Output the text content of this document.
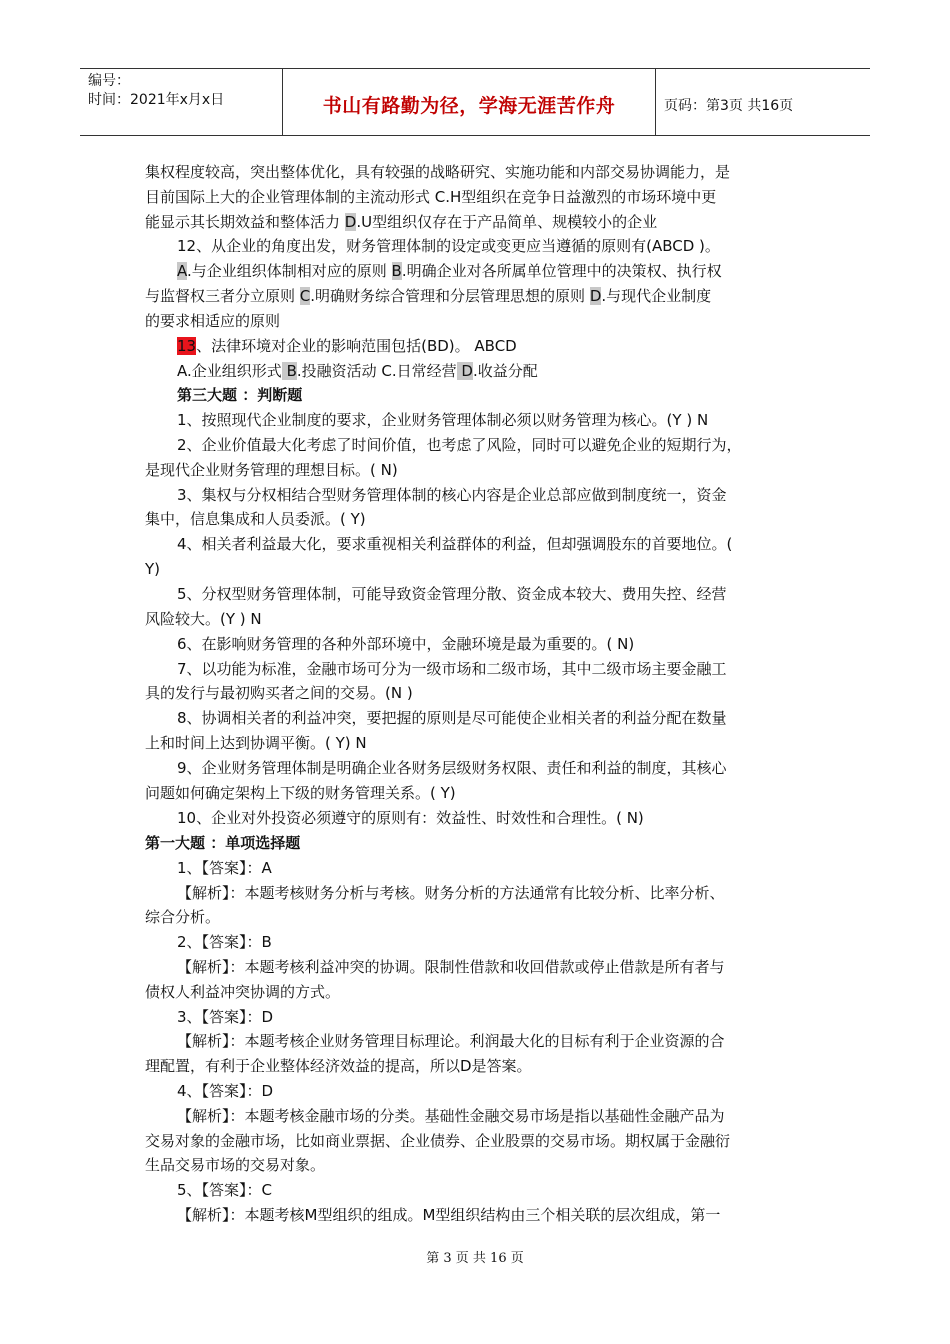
编号：
时间：2021年x月x日	书山有路勤为径，学海无涯苦作舟	页码：第3页 共16页
集权程度较高，突出整体优化，具有较强的战略研究、实施功能和内部交易协调能力，是
目前国际上大的企业管理体制的主流动形式 C.H型组织在竞争日益激烈的市场环境中更
能显示其长期效益和整体活力 D.U型组织仅存在于产品简单、规模较小的企业
12、从企业的角度出发，财务管理体制的设定或变更应当遵循的原则有(ABCD )。
A.与企业组织体制相对应的原则 B.明确企业对各所属单位管理中的决策权、执行权
与监督权三者分立原则 C.明确财务综合管理和分层管理思想的原则 D.与现代企业制度
的要求相适应的原则
13、法律环境对企业的影响范围包括(BD)。 ABCD
A.企业组织形式 B.投融资活动 C.日常经营 D.收益分配
第三大题 ：判断题
1、按照现代企业制度的要求，企业财务管理体制必须以财务管理为核心。(Y ) N
2、企业价值最大化考虑了时间价值，也考虑了风险，同时可以避免企业的短期行为，
是现代企业财务管理的理想目标。( N)
3、集权与分权相结合型财务管理体制的核心内容是企业总部应做到制度统一，资金
集中，信息集成和人员委派。( Y)
4、相关者利益最大化，要求重视相关利益群体的利益，但却强调股东的首要地位。(
Y)
5、分权型财务管理体制，可能导致资金管理分散、资金成本较大、费用失控、经营
风险较大。(Y ) N
6、在影响财务管理的各种外部环境中，金融环境是最为重要的。( N)
7、以功能为标准，金融市场可分为一级市场和二级市场，其中二级市场主要金融工
具的发行与最初购买者之间的交易。(N )
8、协调相关者的利益冲突，要把握的原则是尽可能使企业相关者的利益分配在数量
上和时间上达到协调平衡。( Y) N
9、企业财务管理体制是明确企业各财务层级财务权限、责任和利益的制度，其核心
问题如何确定架构上下级的财务管理关系。( Y)
10、企业对外投资必须遵守的原则有：效益性、时效性和合理性。( N)
第一大题 ：单项选择题
1、【答案】：A
【解析】：本题考核财务分析与考核。财务分析的方法通常有比较分析、比率分析、
综合分析。
2、【答案】：B
【解析】：本题考核利益冲突的协调。限制性借款和收回借款或停止借款是所有者与
债权人利益冲突协调的方式。
3、【答案】：D
【解析】：本题考核企业财务管理目标理论。利润最大化的目标有利于企业资源的合
理配置，有利于企业整体经济效益的提高，所以D是答案。
4、【答案】：D
【解析】：本题考核金融市场的分类。基础性金融交易市场是指以基础性金融产品为
交易对象的金融市场，比如商业票据、企业债券、企业股票的交易市场。期权属于金融衍
生品交易市场的交易对象。
5、【答案】：C
【解析】：本题考核M型组织的组成。M型组织结构由三个相关联的层次组成，第一
第 3 页 共 16 页
